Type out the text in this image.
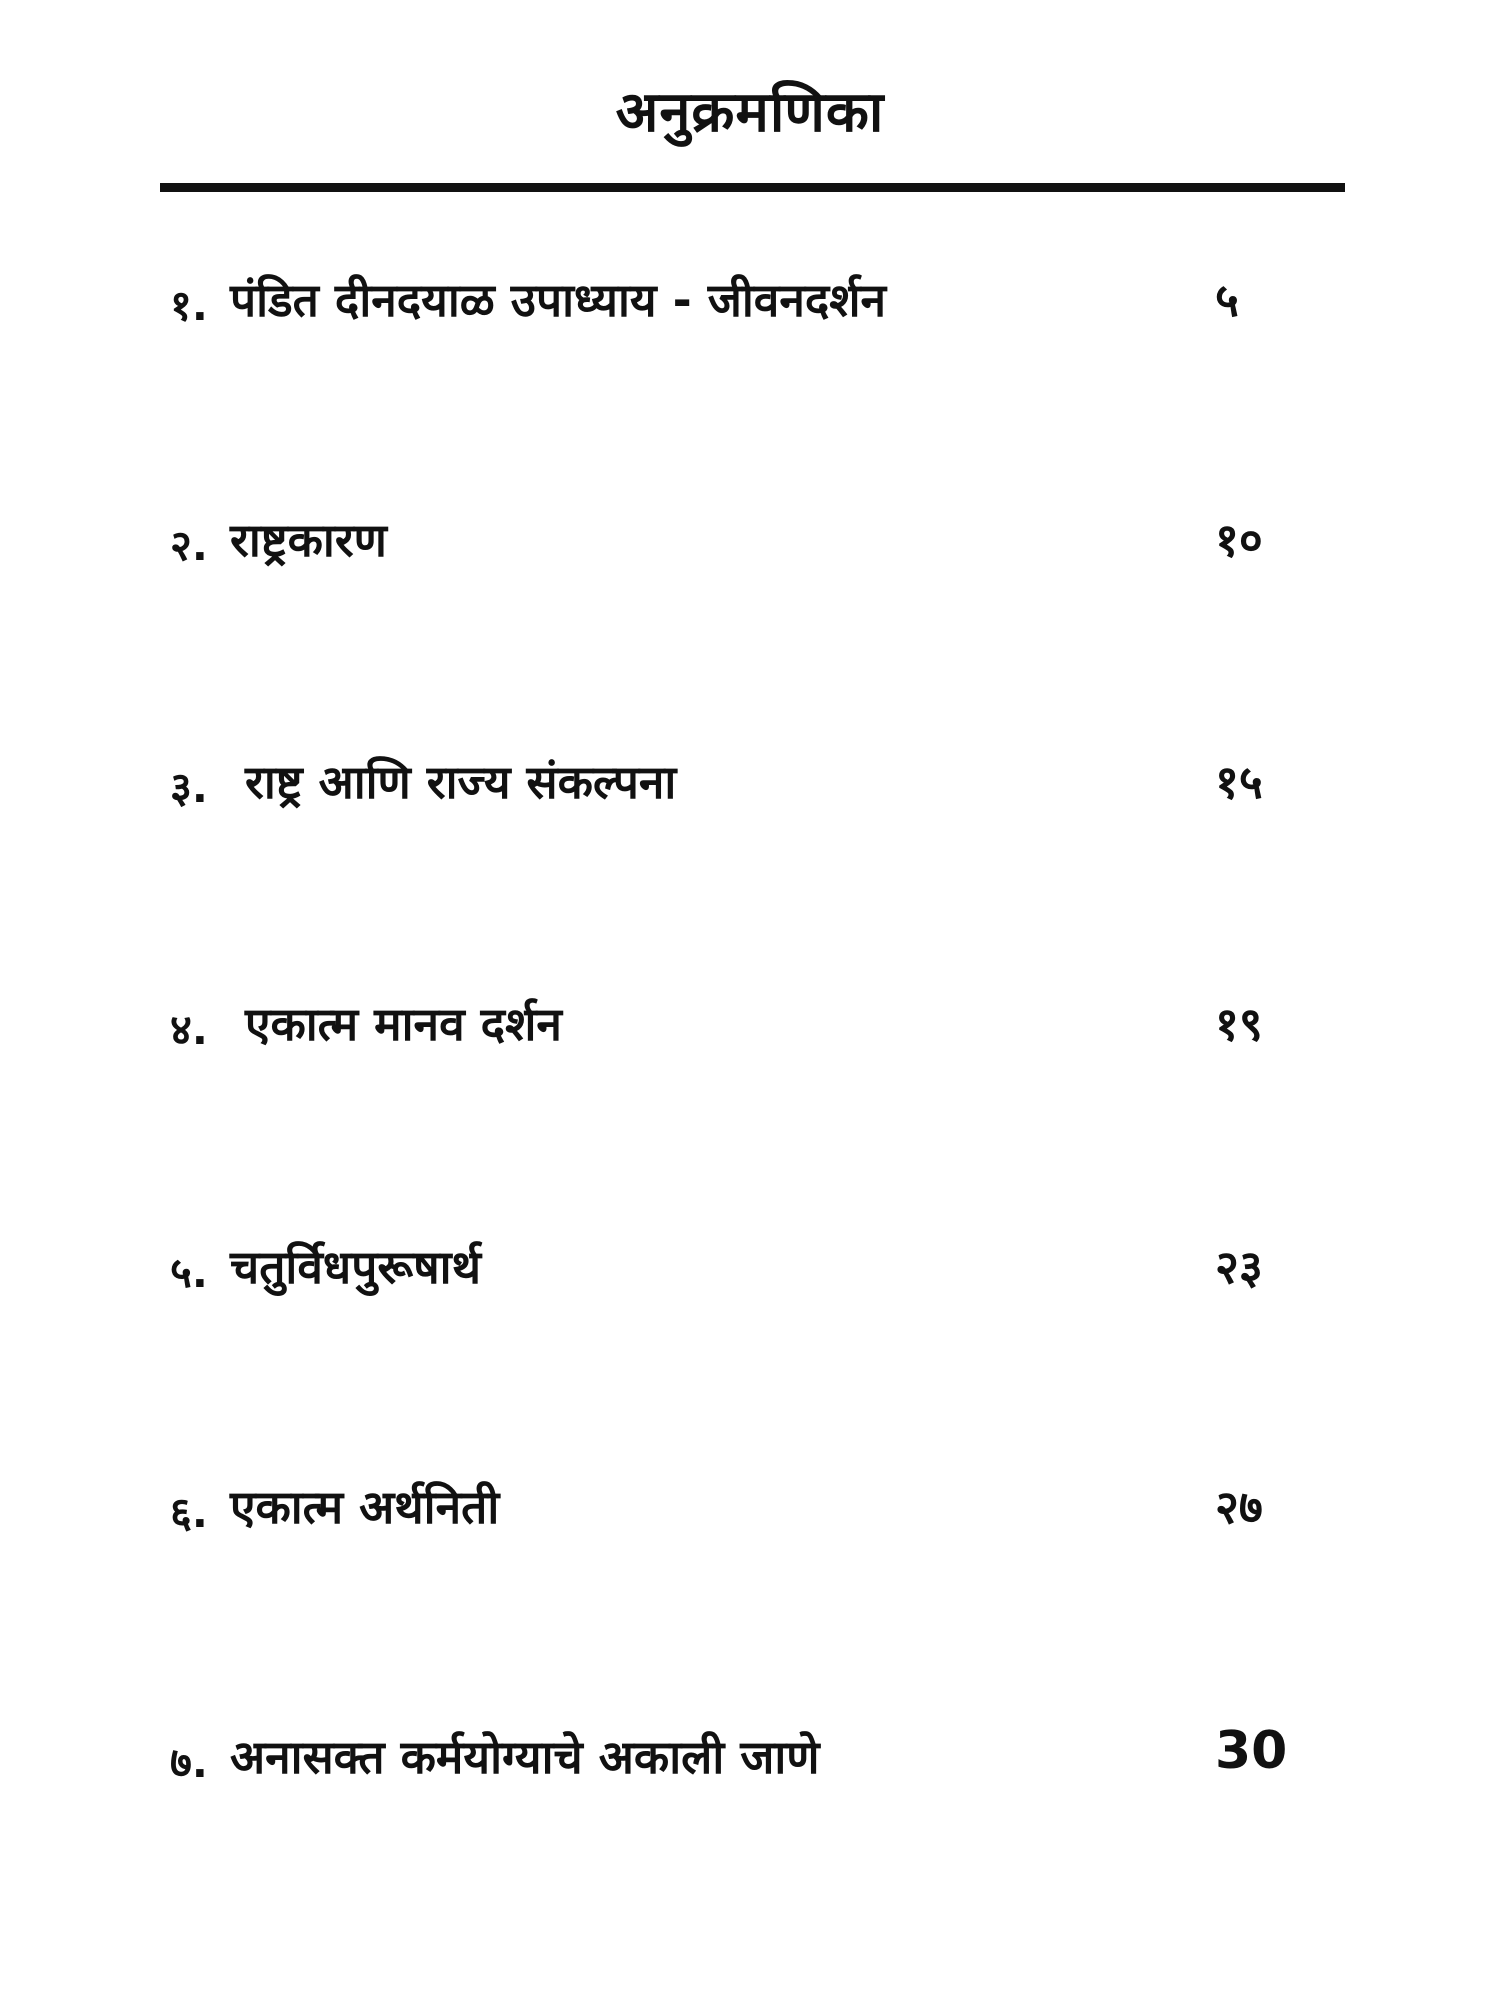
अनुक्रमणिका
१. पंडित दीनदयाळ उपाध्याय - जीवनदर्शन	५
२. राष्ट्रकारण	१०
३. राष्ट्र आणि राज्य संकल्पना	१५
४. एकात्म मानव दर्शन	१९
५. चतुर्विधपुरूषार्थ	२३
६. एकात्म अर्थनिती	२७
७. अनासक्त कर्मयोग्याचे अकाली जाणे	30
